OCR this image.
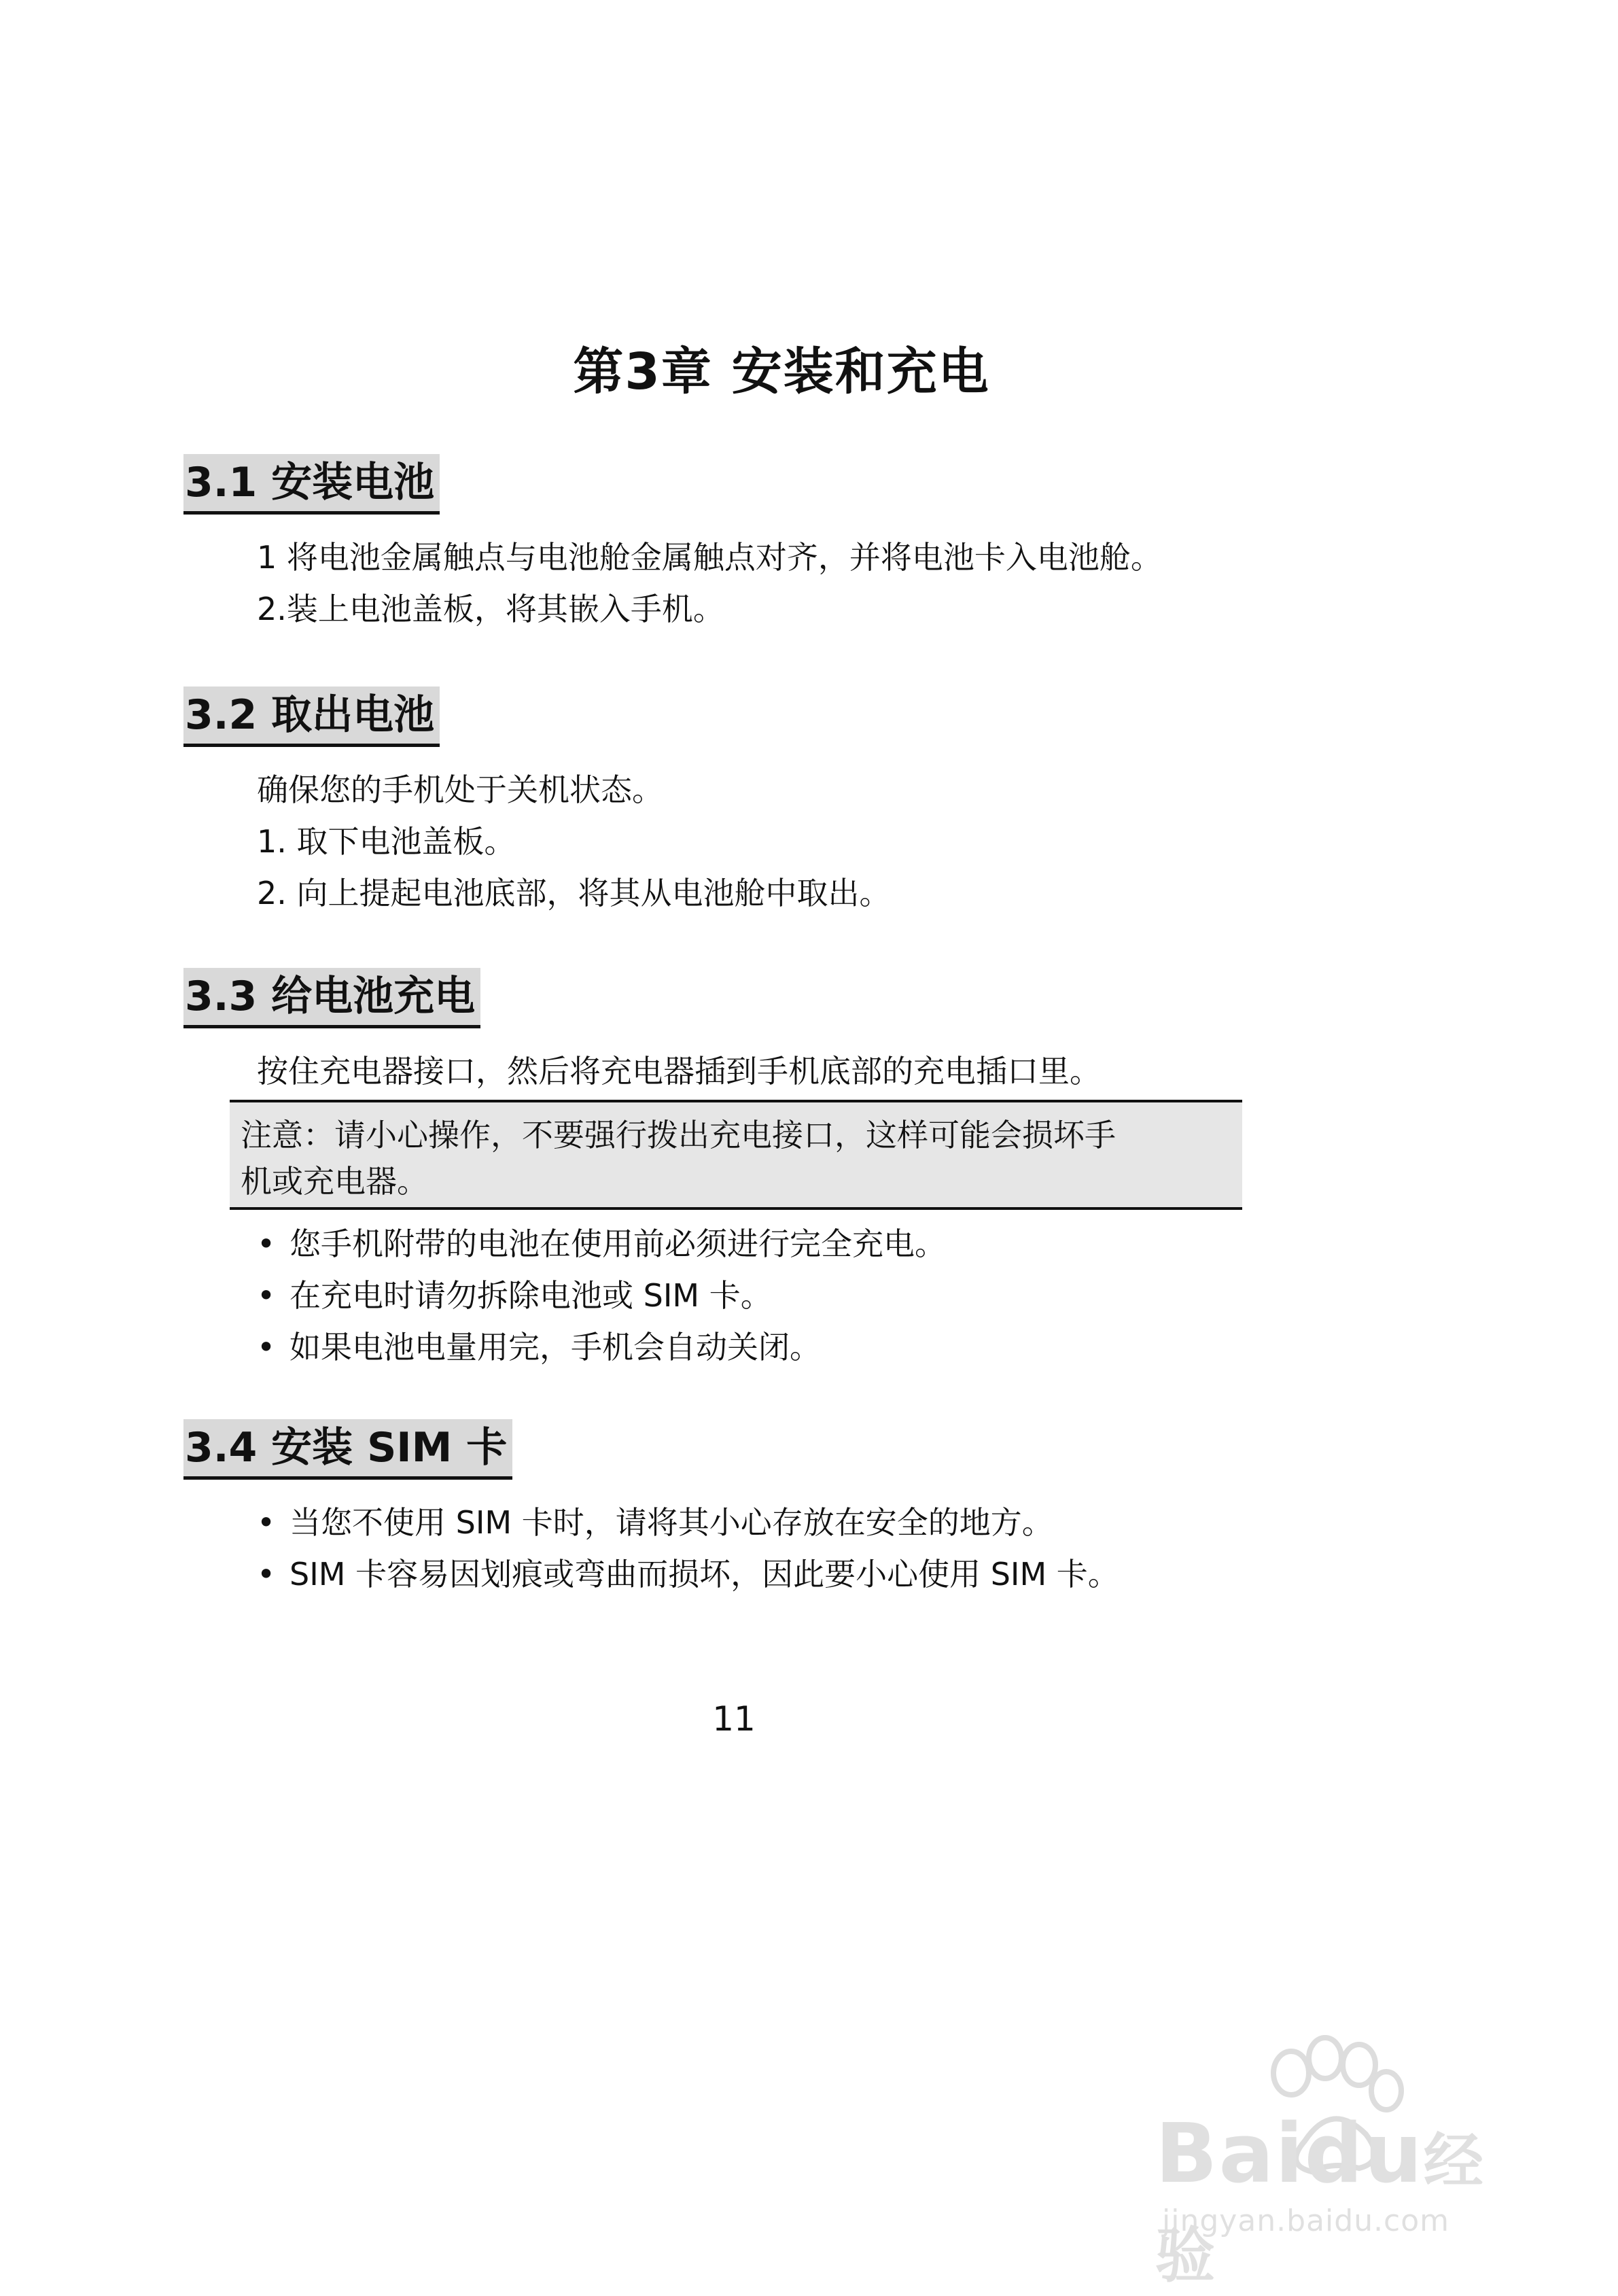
第3章 安装和充电
3.1 安装电池
1 将电池金属触点与电池舱金属触点对齐，并将电池卡入电池舱。
2.装上电池盖板，将其嵌入手机。
3.2 取出电池
确保您的手机处于关机状态。
1. 取下电池盖板。
2. 向上提起电池底部，将其从电池舱中取出。
3.3 给电池充电
按住充电器接口，然后将充电器插到手机底部的充电插口里。
注意：请小心操作，不要强行拨出充电接口，这样可能会损坏手
机或充电器。
• 您手机附带的电池在使用前必须进行完全充电。
• 在充电时请勿拆除电池或 SIM 卡。
• 如果电池电量用完，手机会自动关闭。
3.4 安装 SIM 卡
• 当您不使用 SIM 卡时，请将其小心存放在安全的地方。
• SIM 卡容易因划痕或弯曲而损坏，因此要小心使用 SIM 卡。
11
Baidu经验
jingyan.baidu.com
